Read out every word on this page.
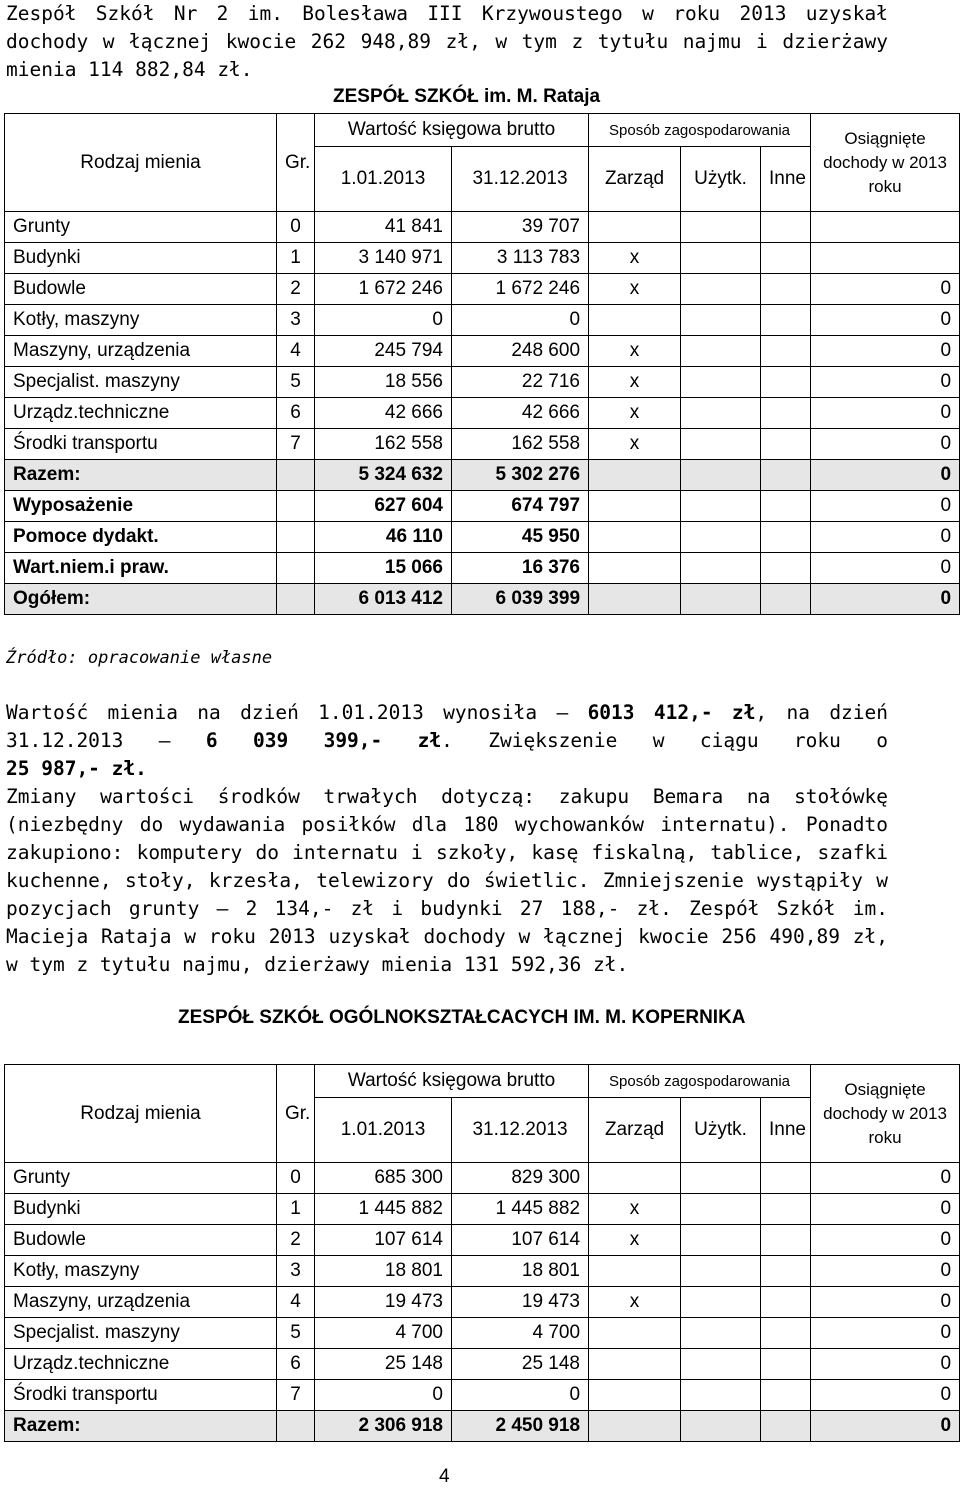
Zespół Szkół Nr 2 im. Bolesława III Krzywoustego w roku 2013 uzyskał dochody w łącznej kwocie 262 948,89 zł, w tym z tytułu najmu i dzierżawy mienia 114 882,84 zł.
ZESPÓŁ SZKÓŁ im. M. Rataja
Rodzaj mienia	Gr.	Wartość księgowa brutto		Sposób zagospodarowania			Osiągnięte dochody w 2013 roku
		1.01.2013	31.12.2013	Zarząd	Użytk.	Inne	
Grunty	0	41 841	39 707				
Budynki	1	3 140 971	3 113 783	x			
Budowle	2	1 672 246	1 672 246	x			0
Kotły, maszyny	3	0	0				0
Maszyny, urządzenia	4	245 794	248 600	x			0
Specjalist. maszyny	5	18 556	22 716	x			0
Urządz.techniczne	6	42 666	42 666	x			0
Środki transportu	7	162 558	162 558	x			0
Razem:		5 324 632	5 302 276				0
Wyposażenie		627 604	674 797				0
Pomoce dydakt.		46 110	45 950				0
Wart.niem.i praw.		15 066	16 376				0
Ogółem:		6 013 412	6 039 399				0
Źródło: opracowanie własne
Wartość mienia na dzień 1.01.2013 wynosiła – 6013 412,- zł, na dzień
31.12.2013 – 6 039 399,- zł. Zwiększenie w ciągu roku o
25 987,- zł.
Zmiany wartości środków trwałych dotyczą: zakupu Bemara na stołówkę (niezbędny do wydawania posiłków dla 180 wychowanków internatu). Ponadto zakupiono: komputery do internatu i szkoły, kasę fiskalną, tablice, szafki kuchenne, stoły, krzesła, telewizory do świetlic. Zmniejszenie wystąpiły w pozycjach grunty – 2 134,- zł i budynki 27 188,- zł. Zespół Szkół im. Macieja Rataja w roku 2013 uzyskał dochody w łącznej kwocie 256 490,89 zł, w tym z tytułu najmu, dzierżawy mienia 131 592,36 zł.
ZESPÓŁ SZKÓŁ OGÓLNOKSZTAŁCACYCH IM. M. KOPERNIKA
Rodzaj mienia	Gr.	Wartość księgowa brutto		Sposób zagospodarowania			Osiągnięte dochody w 2013 roku
		1.01.2013	31.12.2013	Zarząd	Użytk.	Inne	
Grunty	0	685 300	829 300				0
Budynki	1	1 445 882	1 445 882	x			0
Budowle	2	107 614	107 614	x			0
Kotły, maszyny	3	18 801	18 801				0
Maszyny, urządzenia	4	19 473	19 473	x			0
Specjalist. maszyny	5	4 700	4 700				0
Urządz.techniczne	6	25 148	25 148				0
Środki transportu	7	0	0				0
Razem:		2 306 918	2 450 918				0
4
